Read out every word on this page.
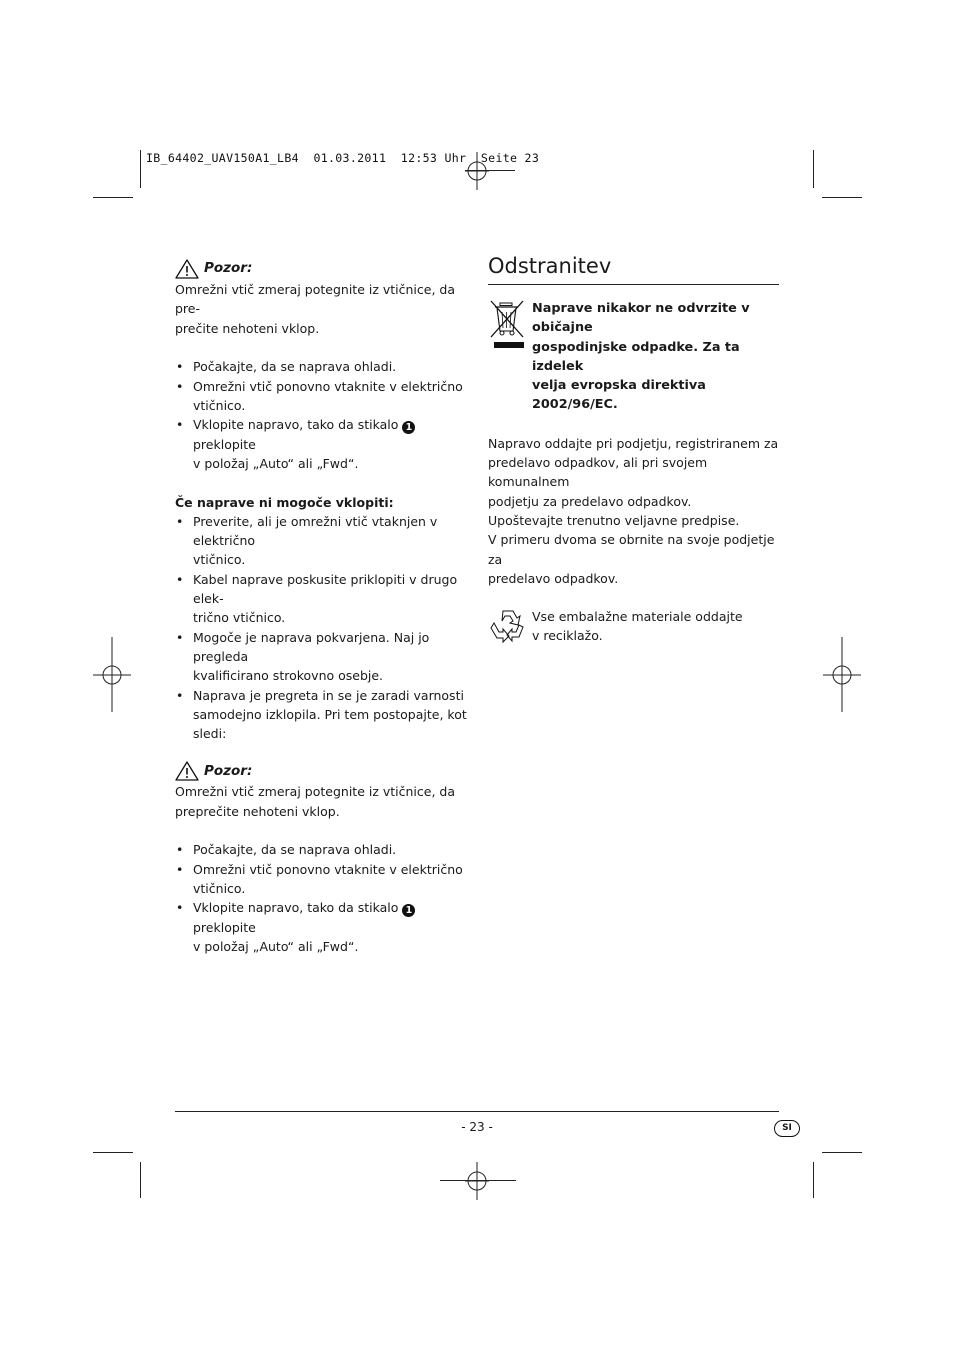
IB_64402_UAV150A1_LB4  01.03.2011  12:53 Uhr  Seite 23
Pozor:

Omrežni vtič zmeraj potegnite iz vtičnice, da pre-

prečite nehoteni vklop.

• Počakajte, da se naprava ohladi.
• Omrežni vtič ponovno vtaknite v električno vtičnico.
• Vklopite napravo, tako da stikalo 1 preklopite
v položaj „Auto“ ali „Fwd“.

Če naprave ni mogoče vklopiti:

• Preverite, ali je omrežni vtič vtaknjen v električno
vtičnico.
• Kabel naprave poskusite priklopiti v drugo elek-
trično vtičnico.
• Mogoče je naprava pokvarjena. Naj jo pregleda
kvalificirano strokovno osebje.
• Naprava je pregreta in se je zaradi varnosti
samodejno izklopila. Pri tem postopajte, kot sledi:
Pozor:

Omrežni vtič zmeraj potegnite iz vtičnice, da

preprečite nehoteni vklop.

• Počakajte, da se naprava ohladi.
• Omrežni vtič ponovno vtaknite v električno vtičnico.
• Vklopite napravo, tako da stikalo 1 preklopite
v položaj „Auto“ ali „Fwd“.
Odstranitev

Naprave nikakor ne odvrzite v običajne

gospodinjske odpadke. Za ta izdelek

velja evropska direktiva 2002/96/EC.

Napravo oddajte pri podjetju, registriranem za

predelavo odpadkov, ali pri svojem komunalnem

podjetju za predelavo odpadkov.

Upoštevajte trenutno veljavne predpise.

V primeru dvoma se obrnite na svoje podjetje za

predelavo odpadkov.

Vse embalažne materiale oddajte

v reciklažo.

- 23 -	SI
